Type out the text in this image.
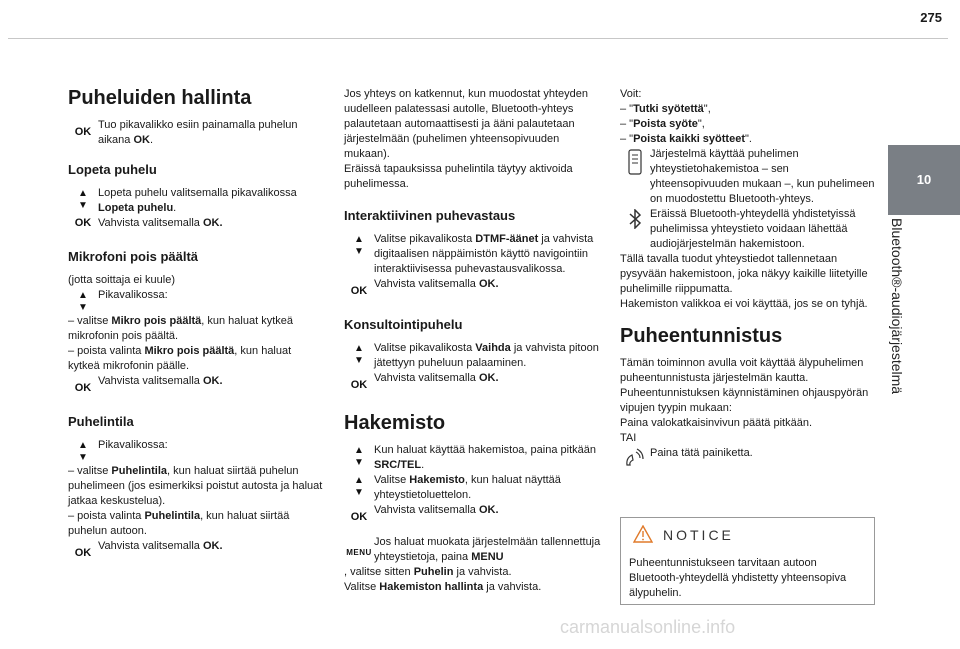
275
10
Bluetooth®-audiojärjestelmä
Puheluiden hallinta
OK

Tuo pikavalikko esiin painamalla puhelun aikana OK.

Lopeta puhelu
▲
▼

Lopeta puhelu valitsemalla pikavalikossa Lopeta puhelu.

OK Vahvista valitsemalla OK.

Mikrofoni pois päältä

(jotta soittaja ei kuule)

▲
▼

Pikavalikossa:

– valitse Mikro pois päältä, kun haluat kytkeä mikrofonin pois päältä.

– poista valinta Mikro pois päältä, kun haluat kytkeä mikrofonin päälle.

OK

Vahvista valitsemalla OK.

Puhelintila
▲
▼

Pikavalikossa:

– valitse Puhelintila, kun haluat siirtää puhelun puhelimeen (jos esimerkiksi poistut autosta ja haluat jatkaa keskustelua).

– poista valinta Puhelintila, kun haluat siirtää puhelun autoon.

OK

Vahvista valitsemalla OK.

Jos yhteys on katkennut, kun muodostat yhteyden uudelleen palatessasi autolle, Bluetooth-yhteys palautetaan automaattisesti ja ääni palautetaan järjestelmään (puhelimen yhteensopivuuden mukaan).

Eräissä tapauksissa puhelintila täytyy aktivoida puhelimessa.

Interaktiivinen puhevastaus
▲
▼

Valitse pikavalikosta DTMF-äänet ja vahvista digitaalisen näppäimistön käyttö navigointiin interaktiivisessa puhevastausvalikossa.

OK

Vahvista valitsemalla OK.

Konsultointipuhelu
▲
▼

Valitse pikavalikosta Vaihda ja vahvista pitoon jätettyyn puheluun palaaminen.

OK

Vahvista valitsemalla OK.

Hakemisto
▲
▼

Kun haluat käyttää hakemistoa, paina pitkään SRC/TEL.

▲
▼

Valitse Hakemisto, kun haluat näyttää yhteystietoluettelon.

OK

Vahvista valitsemalla OK.

MENU

Jos haluat muokata järjestelmään tallennettuja yhteystietoja, paina MENU

, valitse sitten Puhelin ja vahvista.

Valitse Hakemiston hallinta ja vahvista.

Voit:

– "Tutki syötettä",

– "Poista syöte",

– "Poista kaikki syötteet".

Järjestelmä käyttää puhelimen yhteystietohakemistoa – sen yhteensopivuuden mukaan –, kun puhelimeen on muodostettu Bluetooth-yhteys.

Eräissä Bluetooth-yhteydellä yhdistetyissä puhelimissa yhteystieto voidaan lähettää audiojärjestelmän hakemistoon.

Tällä tavalla tuodut yhteystiedot tallennetaan pysyvään hakemistoon, joka näkyy kaikille liitetyille puhelimille riippumatta.

Hakemiston valikkoa ei voi käyttää, jos se on tyhjä.

Puheentunnistus

Tämän toiminnon avulla voit käyttää älypuhelimen puheentunnistusta järjestelmän kautta.

Puheentunnistuksen käynnistäminen ohjauspyörän vipujen tyypin mukaan:

Paina valokatkaisinvivun päätä pitkään.

TAI

Paina tätä painiketta.

NOTICE
Puheentunnistukseen tarvitaan autoon Bluetooth-yhteydellä yhdistetty yhteensopiva älypuhelin.
carmanualsonline.info
